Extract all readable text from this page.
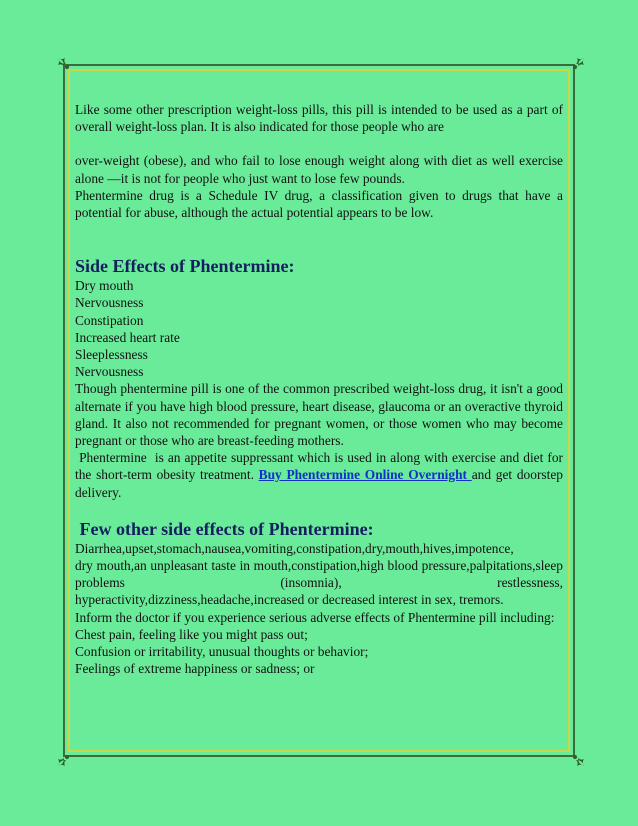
Like some other prescription weight-loss pills, this pill is intended to be used as a part of overall weight-loss plan. It is also indicated for those people who are

over-weight (obese), and who fail to lose enough weight along with diet as well exercise alone —it is not for people who just want to lose few pounds.

Phentermine drug is a Schedule IV drug, a classification given to drugs that have a potential for abuse, although the actual potential appears to be low.

Side Effects of Phentermine:

Dry mouth

Nervousness

Constipation

Increased heart rate

Sleeplessness

Nervousness

Though phentermine pill is one of the common prescribed weight-loss drug, it isn't a good alternate if you have high blood pressure, heart disease, glaucoma or an overactive thyroid gland. It also not recommended for pregnant women, or those women who may become pregnant or those who are breast-feeding mothers.

Phentermine  is an appetite suppressant which is used in along with exercise and diet for the short-term obesity treatment. Buy Phentermine Online Overnight and get doorstep delivery.

Few other side effects of Phentermine:

Diarrhea,upset,stomach,nausea,vomiting,constipation,dry,mouth,hives,impotence,

dry mouth,an unpleasant taste in mouth,constipation,high blood pressure,palpitations,sleep problems (insomnia), restlessness,

hyperactivity,dizziness,headache,increased or decreased interest in sex, tremors.

Inform the doctor if you experience serious adverse effects of Phentermine pill including:

Chest pain, feeling like you might pass out;

Confusion or irritability, unusual thoughts or behavior;

Feelings of extreme happiness or sadness; or
